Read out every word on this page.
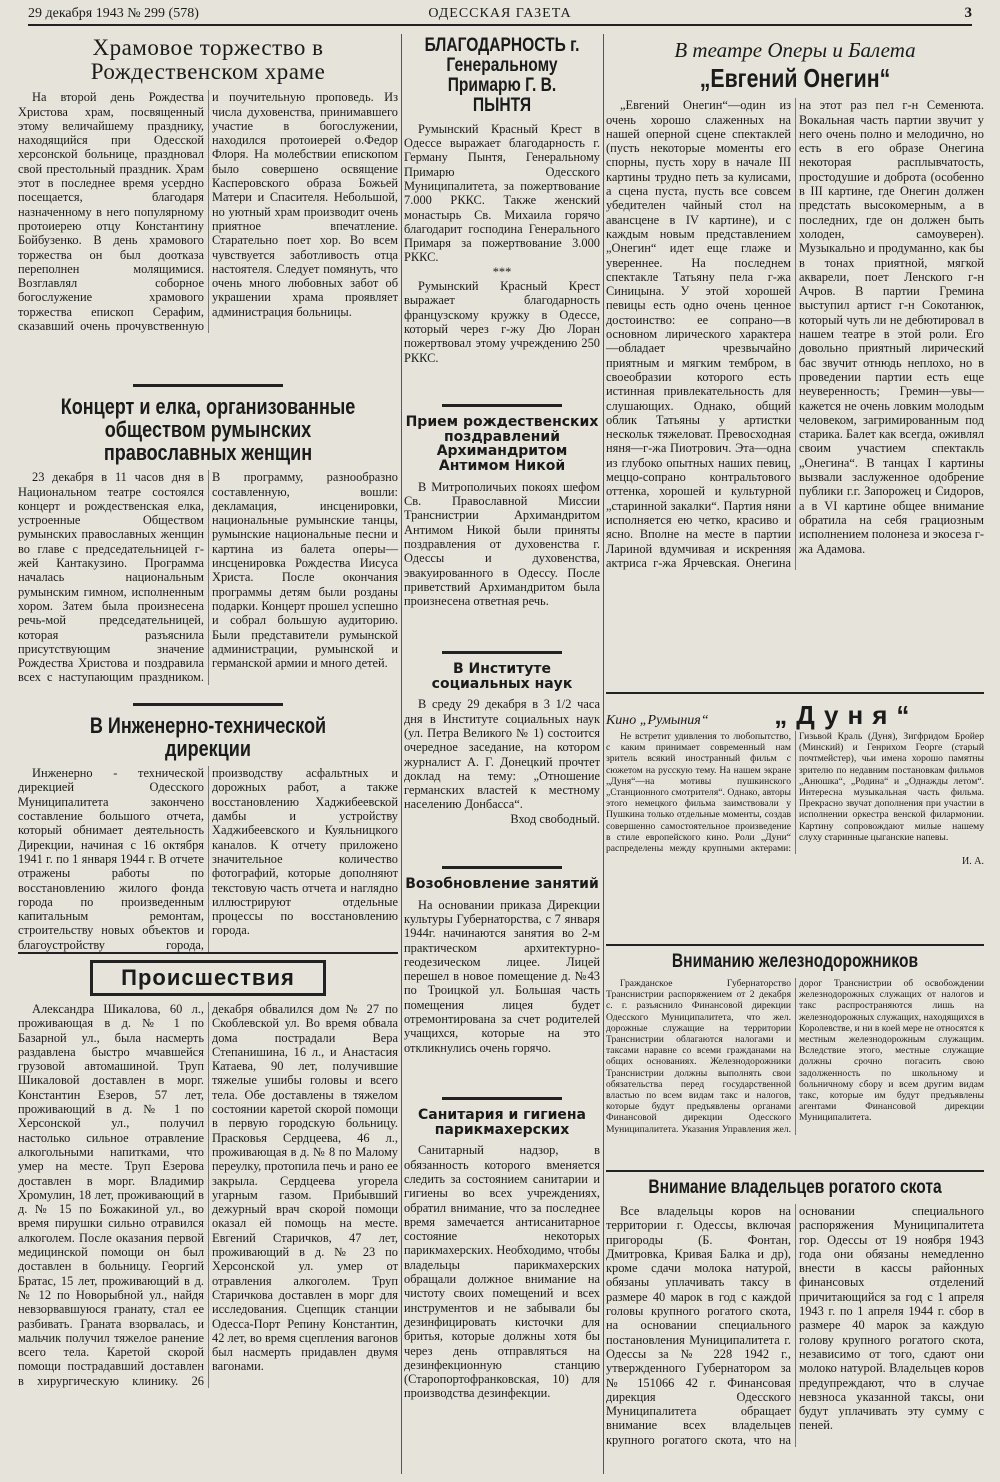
29 декабря 1943 № 299 (578)	ОДЕССКАЯ ГАЗЕТА	3
Храмовое торжество в Рождественском храме

На второй день Рождества Христова храм, посвященный этому величайшему празднику, находящийся при Одесской херсонской больнице, праздновал свой престольный праздник. Храм этот в последнее время усердно посещается, благодаря назначенному в него популярному протоиерею отцу Константину Бойбузенко. В день храмового торжества он был доотказа переполнен молящимися. Возглавлял соборное богослужение храмового торжества епископ Серафим, сказавший очень прочувственную и поучительную проповедь. Из числа духовенства, принимавшего участие в богослужении, находился протоиерей о.Федор Флоря. На молебствии епископом было совершено освящение Касперовского образа Божьей Матери и Спасителя. Небольшой, но уютный храм производит очень приятное впечатление. Старательно поет хор. Во всем чувствуется заботливость отца настоятеля. Следует помянуть, что очень много любовных забот об украшении храма проявляет администрация больницы.

Концерт и елка, организованные обществом румынских православных женщин

23 декабря в 11 часов дня в Национальном театре состоялся концерт и рождественская елка, устроенные Обществом румынских православных женщин во главе с председательницей г-жей Кантакузино. Программа началась национальным румынским гимном, исполненным хором. Затем была произнесена речь-мой председательницей, которая разъяснила присутствующим значение Рождества Христова и поздравила всех с наступающим праздником. В программу, разнообразно составленную, вошли: декламация, инсценировки, национальные румынские танцы, румынские национальные песни и картина из балета оперы—инсценировка Рождества Иисуса Христа. После окончания программы детям были розданы подарки. Концерт прошел успешно и собрал большую аудиторию. Были представители румынской администрации, румынской и германской армии и много детей.

В Инженерно-технической дирекции

Инженерно - технической дирекцией Одесского Муниципалитета закончено составление большого отчета, который обнимает деятельность Дирекции, начиная с 16 октября 1941 г. по 1 января 1944 г. В отчете отражены работы по восстановлению жилого фонда города по произведенным капитальным ремонтам, строительству новых объектов и благоустройству города, производству асфальтных и дорожных работ, а также восстановлению Хаджибеевской дамбы и устройству Хаджибеевского и Куяльницкого каналов. К отчету приложено значительное количество фотографий, которые дополняют текстовую часть отчета и наглядно иллюстрируют отдельные процессы по восстановлению города.

Происшествия

Александра Шикалова, 60 л., проживающая в д. № 1 по Базарной ул., была насмерть раздавлена быстро мчавшейся грузовой автомашиной. Труп Шикаловой доставлен в морг. Константин Езеров, 57 лет, проживающий в д. № 1 по Херсонской ул., получил настолько сильное отравление алкогольными напитками, что умер на месте. Труп Езерова доставлен в морг. Владимир Хромулин, 18 лет, проживающий в д. № 15 по Божакиной ул., во время пирушки сильно отравился алкоголем. После оказания первой медицинской помощи он был доставлен в больницу. Георгий Братас, 15 лет, проживающий в д. № 12 по Новорыбной ул., найдя невзорвавшуюся гранату, стал ее разбивать. Граната взорвалась, и мальчик получил тяжелое ранение всего тела. Каретой скорой помощи пострадавший доставлен в хирургическую клинику. 26 декабря обвалился дом № 27 по Скоблевской ул. Во время обвала дома пострадали Вера Степанишина, 16 л., и Анастасия Катаева, 90 лет, получившие тяжелые ушибы головы и всего тела. Обе доставлены в тяжелом состоянии каретой скорой помощи в первую городскую больницу. Прасковья Сердцеева, 46 л., проживающая в д. № 8 по Малому переулку, протопила печь и рано ее закрыла. Сердцеева угорела угарным газом. Прибывший дежурный врач скорой помощи оказал ей помощь на месте. Евгений Старичков, 47 лет, проживающий в д. № 23 по Херсонской ул. умер от отравления алкоголем. Труп Старичкова доставлен в морг для исследования. Сцепщик станции Одесса-Порт Репину Константин, 42 лет, во время сцепления вагонов был насмерть придавлен двумя вагонами.

БЛАГОДАРНОСТЬ г. Генеральному Примарю Г. В. ПЫНТЯ

Румынский Красный Крест в Одессе выражает благодарность г. Герману Пынтя, Генеральному Примарю Одесского Муниципалитета, за пожертвование 7.000 РККС. Также женский монастырь Св. Михаила горячо благодарит господина Генерального Примаря за пожертвование 3.000 РККС.

***

Румынский Красный Крест выражает благодарность французскому кружку в Одессе, который через г-жу Дю Лоран пожертвовал этому учреждению 250 РККС.

Прием рождественских поздравлений Архимандритом Антимом Никой

В Митрополичьих покоях шефом Св. Православной Миссии Транснистрии Архимандритом Антимом Никой были приняты поздравления от духовенства г. Одессы и духовенства, эвакуированного в Одессу. После приветствий Архимандритом была произнесена ответная речь.

В Институте социальных наук

В среду 29 декабря в 3 1/2 часа дня в Институте социальных наук (ул. Петра Великого № 1) состоится очередное заседание, на котором журналист А. Г. Донецкий прочтет доклад на тему: „Отношение германских властей к местному населению Донбасса“.

Вход свободный.
Возобновление занятий

На основании приказа Дирекции культуры Губернаторства, с 7 января 1944г. начинаются занятия во 2-м практическом архитектурно-геодезическом лицее. Лицей перешел в новое помещение д. №43 по Троицкой ул. Большая часть помещения лицея будет отремонтирована за счет родителей учащихся, которые на это откликнулись очень горячо.

Санитария и гигиена парикмахерских

Санитарный надзор, в обязанность которого вменяется следить за состоянием санитарии и гигиены во всех учреждениях, обратил внимание, что за последнее время замечается антисанитарное состояние некоторых парикмахерских. Необходимо, чтобы владельцы парикмахерских обращали должное внимание на чистоту своих помещений и всех инструментов и не забывали бы дезинфицировать кисточки для бритья, которые должны хотя бы через день отправляться на дезинфекционную станцию (Старопортофранковская, 10) для производства дезинфекции.

В театре Оперы и Балета
„Евгений Онегин“

„Евгений Онегин“—один из очень хорошо слаженных на нашей оперной сцене спектаклей (пусть некоторые моменты его спорны, пусть хору в начале III картины трудно петь за кулисами, а сцена пуста, пусть все совсем убедителен чайный стол на авансцене в IV картине), и с каждым новым представлением „Онегин“ идет еще глаже и увереннее. На последнем спектакле Татьяну пела г-жа Синицына. У этой хорошей певицы есть одно очень ценное достоинство: ее сопрано—в основном лирического характера—обладает чрезвычайно приятным и мягким тембром, в своеобразии которого есть истинная привлекательность для слушающих. Однако, общий облик Татьяны у артистки нескольк тяжеловат. Превосходная няня—г-жа Пиотрович. Эта—одна из глубоко опытных наших певиц, меццо-сопрано контральтового оттенка, хорошей и культурной „старинной закалки“. Партия няни исполняется ею четко, красиво и ясно. Вполне на месте в партии Лариной вдумчивая и искренняя актриса г-жа Ярчевская. Онегина на этот раз пел г-н Семенюта. Вокальная часть партии звучит у него очень полно и мелодично, но есть в его образе Онегина некоторая расплывчатость, простодушие и доброта (особенно в III картине, где Онегин должен предстать высокомерным, а в последних, где он должен быть холоден, самоуверен). Музыкально и продуманно, как бы в тонах приятной, мягкой акварели, поет Ленского г-н Ачров. В партии Гремина выступил артист г-н Сокотанюк, который чуть ли не дебютировал в нашем театре в этой роли. Его довольно приятный лирический бас звучит отнюдь неплохо, но в проведении партии есть еще неуверенность; Гремин—увы—кажется не очень ловким молодым человеком, загримированным под старика. Балет как всегда, оживлял своим участием спектакль „Онегина“. В танцах I картины вызвали заслуженное одобрение публики г.г. Запорожец и Сидоров, а в VI картине общее внимание обратила на себя грациозным исполнением полонеза и экосеза г-жа Адамова.

Кино „Румыния“	„Дуня“

Не встретит удивления то любопытство, с каким принимает современный нам зритель всякий иностранный фильм с сюжетом на русскую тему. На нашем экране „Дуня“—на мотивы пушкинского „Станционного смотрителя“. Однако, авторы этого немецкого фильма заимствовали у Пушкина только отдельные моменты, создав совершенно самостоятельное произведение в стиле европейского кино. Роли „Дуни“ распределены между крупными актерами: Гизьвой Краль (Дуня), Зигфридом Бройер (Минский) и Генрихом Георге (старый почтмейстер), чьи имена хорошо памятны зрителю по недавним постановкам фильмов „Анюшка“, „Родина“ и „Однажды летом“. Интересна музыкальная часть фильма. Прекрасно звучат дополнения при участии в исполнении оркестра венской филармонии. Картину сопровождают милые нашему слуху старинные цыганские напевы.

И. А.
Вниманию железнодорожников

Гражданское Губернаторство Транснистрии распоряжением от 2 декабря с. г. разъяснило Финансовой дирекции Одесского Муниципалитета, что жел. дорожные служащие на территории Транснистрии облагаются налогами и таксами наравне со всеми гражданами на общих основаниях. Железнодорожники Транснистрии должны выполнять свои обязательства перед государственной властью по всем видам такс и налогов, которые будут предъявлены органами Финансовой дирекции Одесского Муниципалитета. Указания Управления жел. дорог Транснистрии об освобождении железнодорожных служащих от налогов и такс распространяются лишь на железнодорожных служащих, находящихся в Королевстве, и ни в коей мере не относятся к местным железнодорожным служащим. Вследствие этого, местные служащие должны срочно погасить свою задолженность по школьному и больничному сбору и всем другим видам такс, которые им будут предъявлены агентами Финансовой дирекции Муниципалитета.

Внимание владельцев рогатого скота

Все владельцы коров на территории г. Одессы, включая пригороды (Б. Фонтан, Дмитровка, Кривая Балка и др), кроме сдачи молока натурой, обязаны уплачивать таксу в размере 40 марок в год с каждой головы крупного рогатого скота, на основании специального постановления Муниципалитета г. Одессы за № 228 1942 г., утвержденного Губернатором за № 151066 42 г. Финансовая дирекция Одесского Муниципалитета обращает внимание всех владельцев крупного рогатого скота, что на основании специального распоряжения Муниципалитета гор. Одессы от 19 ноября 1943 года они обязаны немедленно внести в кассы районных финансовых отделений причитающийся за год с 1 апреля 1943 г. по 1 апреля 1944 г. сбор в размере 40 марок за каждую голову крупного рогатого скота, независимо от того, сдают они молоко натурой. Владельцев коров предупреждают, что в случае невзноса указанной таксы, они будут уплачивать эту сумму с пеней.
